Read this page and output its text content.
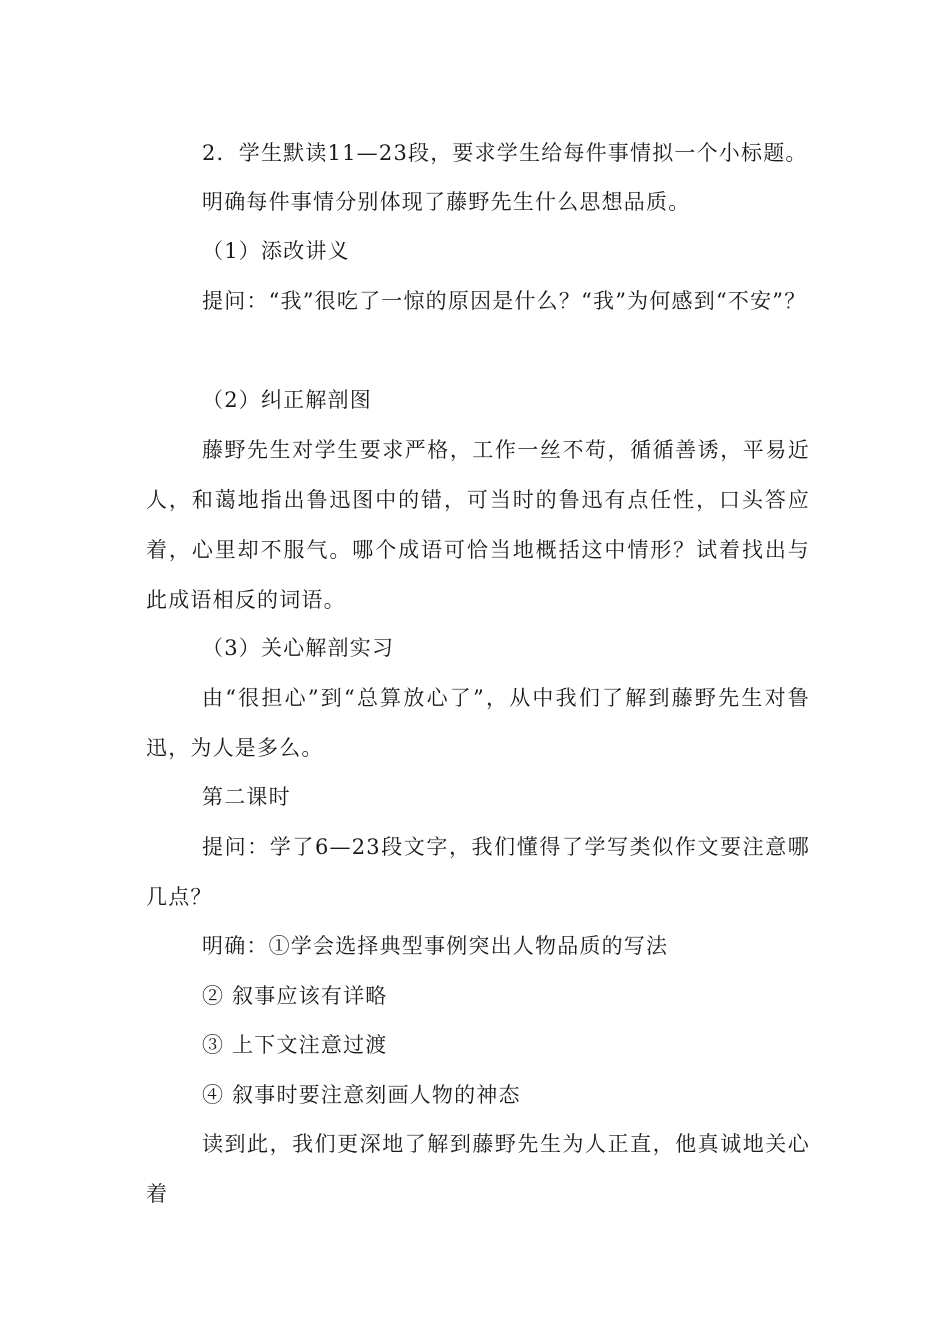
2．学生默读11—23段，要求学生给每件事情拟一个小标题。

明确每件事情分别体现了藤野先生什么思想品质。

（1）添改讲义

提问：“我”很吃了一惊的原因是什么？“我”为何感到“不安”？

（2）纠正解剖图

藤野先生对学生要求严格，工作一丝不苟，循循善诱，平易近人，和蔼地指出鲁迅图中的错，可当时的鲁迅有点任性，口头答应着，心里却不服气。哪个成语可恰当地概括这中情形？试着找出与此成语相反的词语。

（3）关心解剖实习

由“很担心”到“总算放心了”，从中我们了解到藤野先生对鲁迅，为人是多么。

第二课时

提问：学了6—23段文字，我们懂得了学写类似作文要注意哪几点？

明确：①学会选择典型事例突出人物品质的写法

② 叙事应该有详略

③ 上下文注意过渡

④ 叙事时要注意刻画人物的神态

读到此，我们更深地了解到藤野先生为人正直，他真诚地关心着
